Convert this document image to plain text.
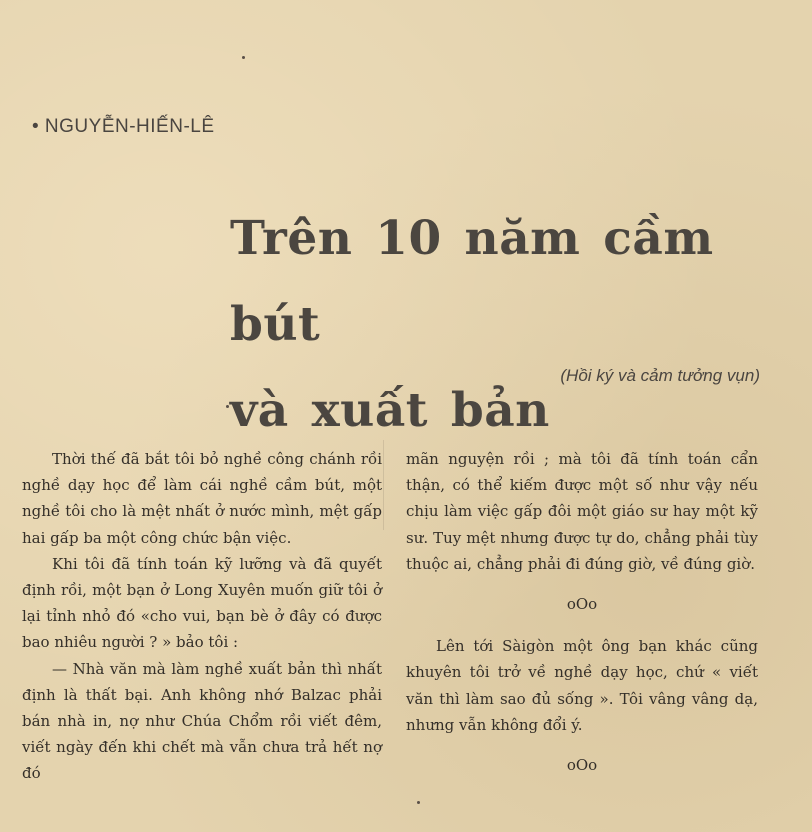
• NGUYỄN-HIẾN-LÊ
Trên 10 năm cầm bút
và xuất bản
(Hồi ký và cảm tưởng vụn)

Thời thế đã bắt tôi bỏ nghề công chánh rồi nghề dạy học để làm cái nghề cầm bút, một nghề tôi cho là mệt nhất ở nước mình, mệt gấp hai gấp ba một công chức bận việc.

Khi tôi đã tính toán kỹ lưỡng và đã quyết định rồi, một bạn ở Long Xuyên muốn giữ tôi ở lại tỉnh nhỏ đó «cho vui, bạn bè ở đây có được bao nhiêu người ? » bảo tôi :

— Nhà văn mà làm nghề xuất bản thì nhất định là thất bại. Anh không nhớ Balzac phải bán nhà in, nợ như Chúa Chổm rồi viết đêm, viết ngày đến khi chết mà vẫn chưa trả hết nợ đó

mãn nguyện rồi ; mà tôi đã tính toán cẩn thận, có thể kiếm được một số như vậy nếu chịu làm việc gấp đôi một giáo sư hay một kỹ sư. Tuy mệt nhưng được tự do, chẳng phải tùy thuộc ai, chẳng phải đi đúng giờ, về đúng giờ.

oOo

Lên tới Sàigòn một ông bạn khác cũng khuyên tôi trở về nghề dạy học, chứ « viết văn thì làm sao đủ sống ». Tôi vâng vâng dạ, nhưng vẫn không đổi ý.

oOo
